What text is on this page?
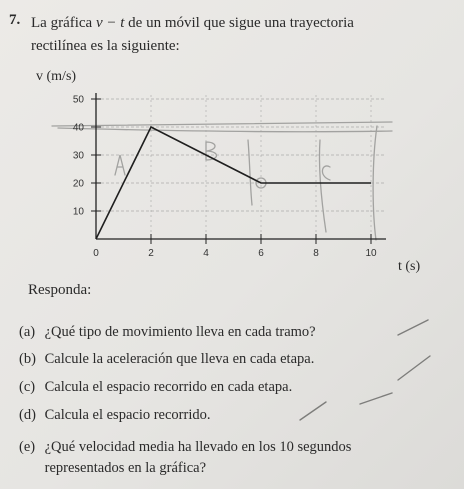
7. La gráfica v − t de un móvil que sigue una trayectoria
rectilínea es la siguiente:
10
20
30
40
50
0	2	4	6	8	10
v (m/s)
t (s)
Responda:
(a) ¿Qué tipo de movimiento lleva en cada tramo?
(b) Calcule la aceleración que lleva en cada etapa.
(c) Calcula el espacio recorrido en cada etapa.
(d) Calcula el espacio recorrido.
(e) ¿Qué velocidad media ha llevado en los 10 segundos
representados en la gráfica?
